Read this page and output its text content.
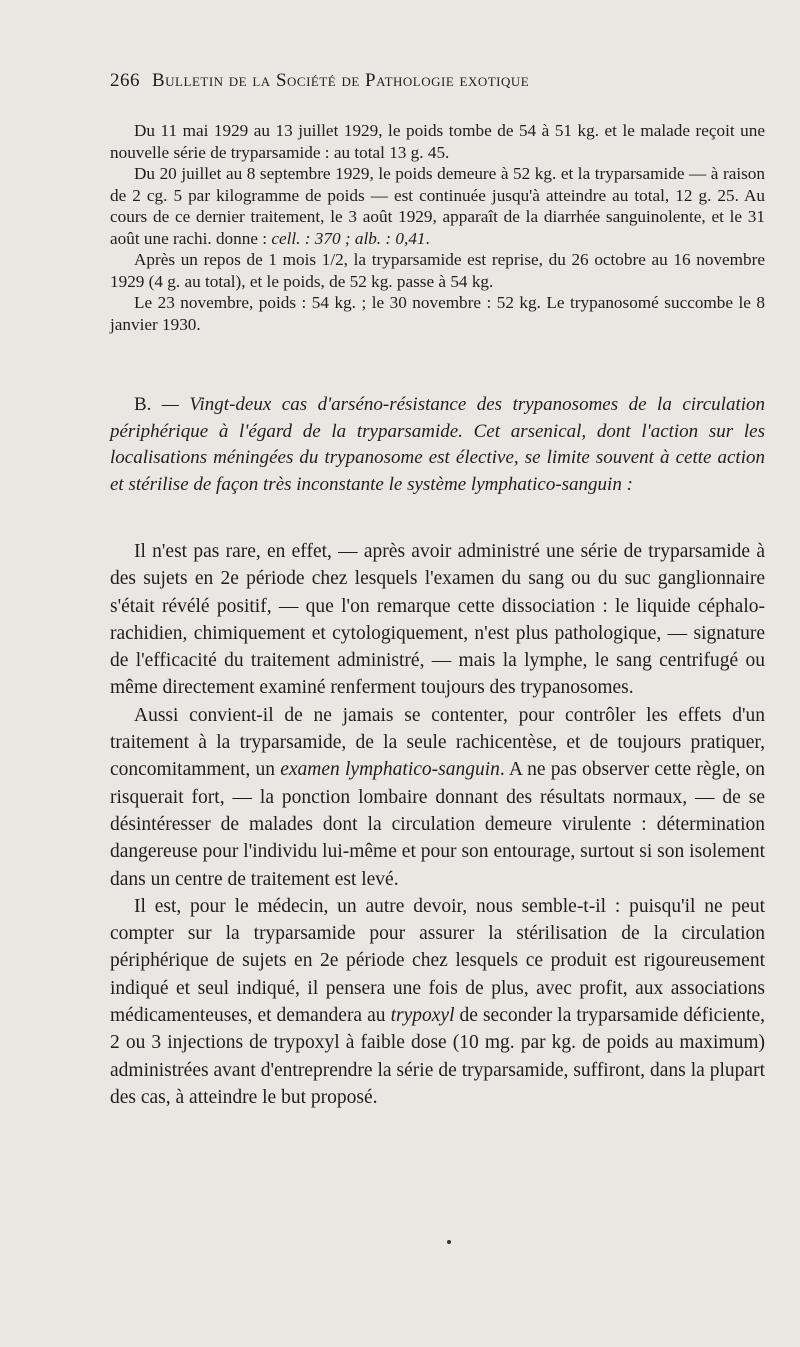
266 Bulletin de la Société de Pathologie exotique

Du 11 mai 1929 au 13 juillet 1929, le poids tombe de 54 à 51 kg. et le malade reçoit une nouvelle série de tryparsamide : au total 13 g. 45.

Du 20 juillet au 8 septembre 1929, le poids demeure à 52 kg. et la tryparsamide — à raison de 2 cg. 5 par kilogramme de poids — est continuée jusqu'à atteindre au total, 12 g. 25. Au cours de ce dernier traitement, le 3 août 1929, apparaît de la diarrhée sanguinolente, et le 31 août une rachi. donne : cell. : 370 ; alb. : 0,41.

Après un repos de 1 mois 1/2, la tryparsamide est reprise, du 26 octobre au 16 novembre 1929 (4 g. au total), et le poids, de 52 kg. passe à 54 kg.

Le 23 novembre, poids : 54 kg. ; le 30 novembre : 52 kg. Le trypanosomé succombe le 8 janvier 1930.

B. — Vingt-deux cas d'arséno-résistance des trypanosomes de la circulation périphérique à l'égard de la tryparsamide. Cet arsenical, dont l'action sur les localisations méningées du trypanosome est élective, se limite souvent à cette action et stérilise de façon très inconstante le système lymphatico-sanguin :

Il n'est pas rare, en effet, — après avoir administré une série de tryparsamide à des sujets en 2e période chez lesquels l'examen du sang ou du suc ganglionnaire s'était révélé positif, — que l'on remarque cette dissociation : le liquide céphalo-rachidien, chimiquement et cytologiquement, n'est plus pathologique, — signature de l'efficacité du traitement administré, — mais la lymphe, le sang centrifugé ou même directement examiné renferment toujours des trypanosomes.

Aussi convient-il de ne jamais se contenter, pour contrôler les effets d'un traitement à la tryparsamide, de la seule rachicentèse, et de toujours pratiquer, concomitamment, un examen lymphatico-sanguin. A ne pas observer cette règle, on risquerait fort, — la ponction lombaire donnant des résultats normaux, — de se désintéresser de malades dont la circulation demeure virulente : détermination dangereuse pour l'individu lui-même et pour son entourage, surtout si son isolement dans un centre de traitement est levé.

Il est, pour le médecin, un autre devoir, nous semble-t-il : puisqu'il ne peut compter sur la tryparsamide pour assurer la stérilisation de la circulation périphérique de sujets en 2e période chez lesquels ce produit est rigoureusement indiqué et seul indiqué, il pensera une fois de plus, avec profit, aux associations médicamenteuses, et demandera au trypoxyl de seconder la tryparsamide déficiente, 2 ou 3 injections de trypoxyl à faible dose (10 mg. par kg. de poids au maximum) administrées avant d'entreprendre la série de tryparsamide, suffiront, dans la plupart des cas, à atteindre le but proposé.
